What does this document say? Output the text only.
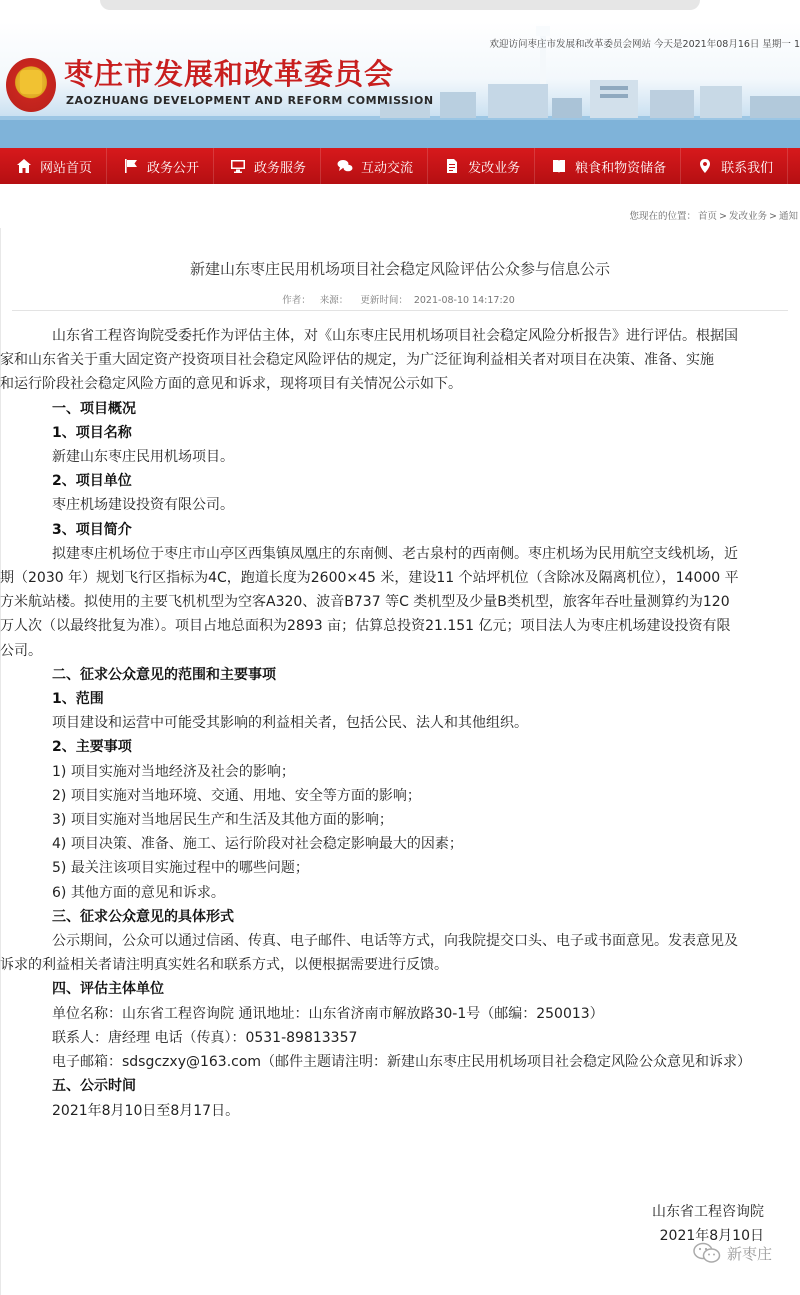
欢迎访问枣庄市发展和改革委员会网站 今天是2021年08月16日 星期一 1
枣庄市发展和改革委员会
ZAOZHUANG DEVELOPMENT AND REFORM COMMISSION
网站首页	政务公开	政务服务	互动交流	发改业务	粮食和物资储备	联系我们
您现在的位置： 首页 > 发改业务 > 通知
新建山东枣庄民用机场项目社会稳定风险评估公众参与信息公示
作者： 来源： 更新时间： 2021-08-10 14:17:20

山东省工程咨询院受委托作为评估主体，对《山东枣庄民用机场项目社会稳定风险分析报告》进行评估。根据国

家和山东省关于重大固定资产投资项目社会稳定风险评估的规定，为广泛征询利益相关者对项目在决策、准备、实施

和运行阶段社会稳定风险方面的意见和诉求，现将项目有关情况公示如下。

一、项目概况

1、项目名称

新建山东枣庄民用机场项目。

2、项目单位

枣庄机场建设投资有限公司。

3、项目简介

拟建枣庄机场位于枣庄市山亭区西集镇凤凰庄的东南侧、老古泉村的西南侧。枣庄机场为民用航空支线机场，近

期（2030 年）规划飞行区指标为4C，跑道长度为2600×45 米，建设11 个站坪机位（含除冰及隔离机位），14000 平

方米航站楼。拟使用的主要飞机机型为空客A320、波音B737 等C 类机型及少量B类机型，旅客年吞吐量测算约为120

万人次（以最终批复为准）。项目占地总面积为2893 亩；估算总投资21.151 亿元；项目法人为枣庄机场建设投资有限

公司。

二、征求公众意见的范围和主要事项

1、范围

项目建设和运营中可能受其影响的利益相关者，包括公民、法人和其他组织。

2、主要事项

1) 项目实施对当地经济及社会的影响；

2) 项目实施对当地环境、交通、用地、安全等方面的影响；

3) 项目实施对当地居民生产和生活及其他方面的影响；

4) 项目决策、准备、施工、运行阶段对社会稳定影响最大的因素；

5) 最关注该项目实施过程中的哪些问题；

6) 其他方面的意见和诉求。

三、征求公众意见的具体形式

公示期间，公众可以通过信函、传真、电子邮件、电话等方式，向我院提交口头、电子或书面意见。发表意见及

诉求的利益相关者请注明真实姓名和联系方式，以便根据需要进行反馈。

四、评估主体单位

单位名称：山东省工程咨询院 通讯地址：山东省济南市解放路30-1号（邮编：250013）

联系人：唐经理 电话（传真）：0531-89813357

电子邮箱：sdsgczxy@163.com（邮件主题请注明：新建山东枣庄民用机场项目社会稳定风险公众意见和诉求）

五、公示时间

2021年8月10日至8月17日。

山东省工程咨询院

2021年8月10日

新枣庄
